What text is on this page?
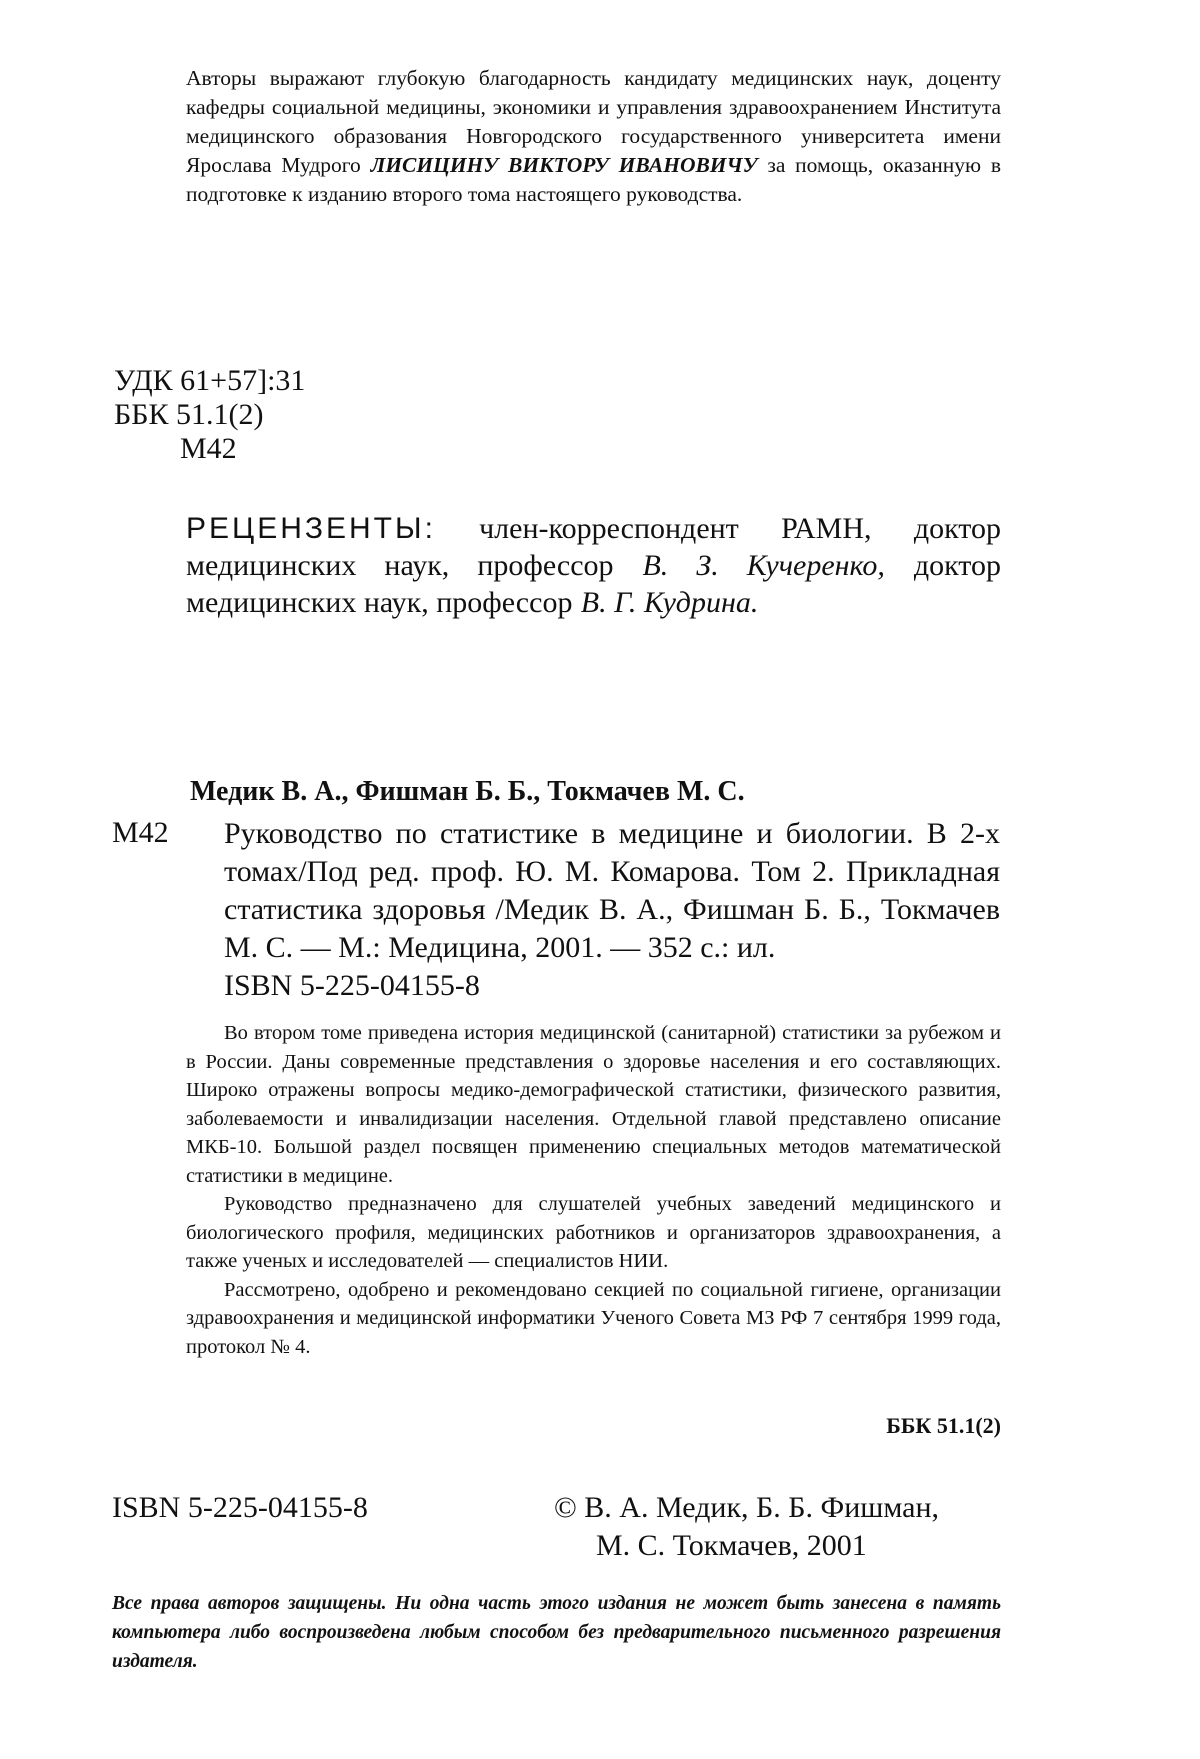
Авторы выражают глубокую благодарность кандидату медицинских наук, доценту кафедры социальной медицины, экономики и управления здравоохранением Института медицинского образования Новгородского государственного университета имени Ярослава Мудрого ЛИСИЦИНУ ВИКТОРУ ИВАНОВИЧУ за помощь, оказанную в подготовке к изданию второго тома настоящего руководства.
УДК 61+57]:31
ББК 51.1(2)
М42
РЕЦЕНЗЕНТЫ: член-корреспондент РАМН, доктор медицинских наук, профессор В. З. Кучеренко, доктор медицинских наук, профессор В. Г. Кудрина.
Медик В. А., Фишман Б. Б., Токмачев М. С.
М42 Руководство по статистике в медицине и биологии. В 2-х томах/Под ред. проф. Ю. М. Комарова. Том 2. Прикладная статистика здоровья /Медик В. А., Фишман Б. Б., Токмачев М. С. — М.: Медицина, 2001. — 352 с.: ил.
ISBN 5-225-04155-8

Во втором томе приведена история медицинской (санитарной) статистики за рубежом и в России. Даны современные представления о здоровье населения и его составляющих. Широко отражены вопросы медико-демографической статистики, физического развития, заболеваемости и инвалидизации населения. Отдельной главой представлено описание МКБ-10. Большой раздел посвящен применению специальных методов математической статистики в медицине.

Руководство предназначено для слушателей учебных заведений медицинского и биологического профиля, медицинских работников и организаторов здравоохранения, а также ученых и исследователей — специалистов НИИ.

Рассмотрено, одобрено и рекомендовано секцией по социальной гигиене, организации здравоохранения и медицинской информатики Ученого Совета МЗ РФ 7 сентября 1999 года, протокол № 4.

ББК 51.1(2)
ISBN 5-225-04155-8	© В. А. Медик, Б. Б. Фишман,
М. С. Токмачев, 2001
Все права авторов защищены. Ни одна часть этого издания не может быть занесена в память компьютера либо воспроизведена любым способом без предварительного письменного разрешения издателя.
